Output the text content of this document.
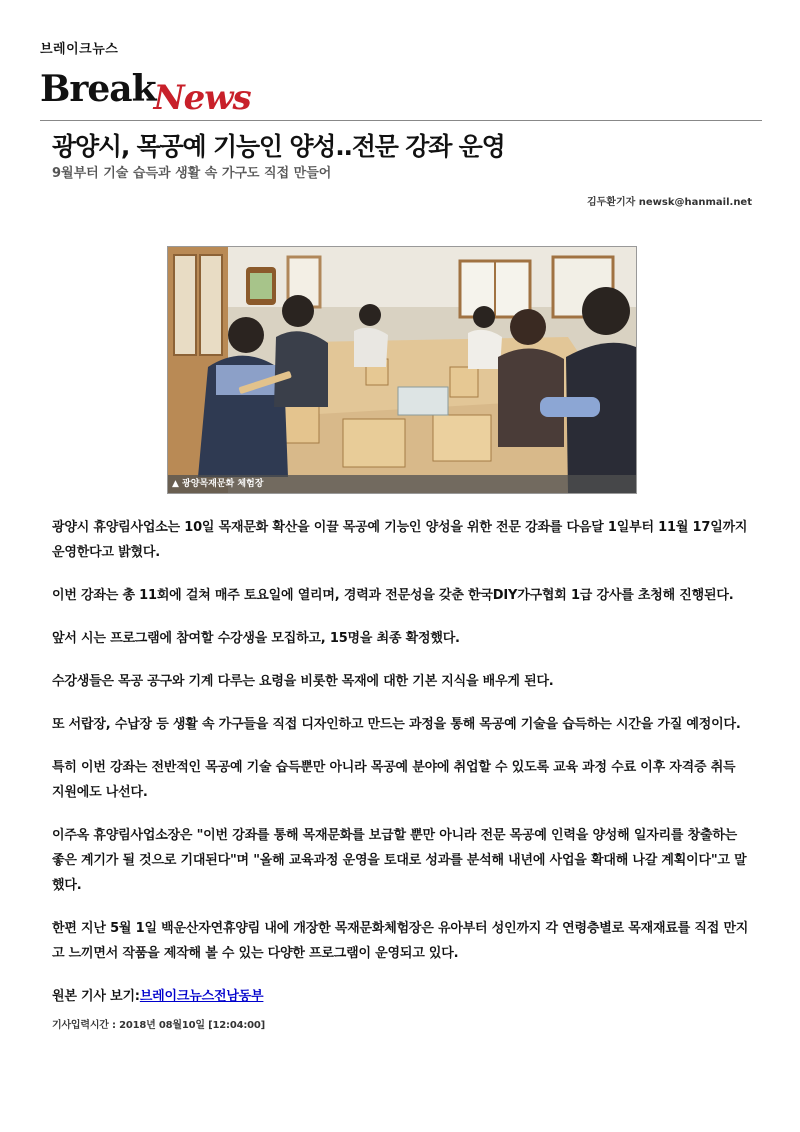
브레이크뉴스
BreakNews
광양시, 목공예 기능인 양성..전문 강좌 운영
9월부터 기술 습득과 생활 속 가구도 직접 만들어
김두환기자 newsk@hanmail.net
▲ 광양목재문화 체험장

광양시 휴양림사업소는 10일 목재문화 확산을 이끌 목공예 기능인 양성을 위한 전문 강좌를 다음달 1일부터 11월 17일까지 운영한다고 밝혔다.

이번 강좌는 총 11회에 걸쳐 매주 토요일에 열리며, 경력과 전문성을 갖춘 한국DIY가구협회 1급 강사를 초청해 진행된다.

앞서 시는 프로그램에 참여할 수강생을 모집하고, 15명을 최종 확정했다.

수강생들은 목공 공구와 기계 다루는 요령을 비롯한 목재에 대한 기본 지식을 배우게 된다.

또 서랍장, 수납장 등 생활 속 가구들을 직접 디자인하고 만드는 과정을 통해 목공예 기술을 습득하는 시간을 가질 예정이다.

특히 이번 강좌는 전반적인 목공예 기술 습득뿐만 아니라 목공예 분야에 취업할 수 있도록 교육 과정 수료 이후 자격증 취득 지원에도 나선다.

이주옥 휴양림사업소장은 "이번 강좌를 통해 목재문화를 보급할 뿐만 아니라 전문 목공예 인력을 양성해 일자리를 창출하는 좋은 계기가 될 것으로 기대된다"며 "올해 교육과정 운영을 토대로 성과를 분석해 내년에 사업을 확대해 나갈 계획이다"고 말했다.

한편 지난 5월 1일 백운산자연휴양림 내에 개장한 목재문화체험장은 유아부터 성인까지 각 연령층별로 목재재료를 직접 만지고 느끼면서 작품을 제작해 볼 수 있는 다양한 프로그램이 운영되고 있다.

원본 기사 보기:브레이크뉴스전남동부
기사입력시간 : 2018년 08월10일 [12:04:00]
